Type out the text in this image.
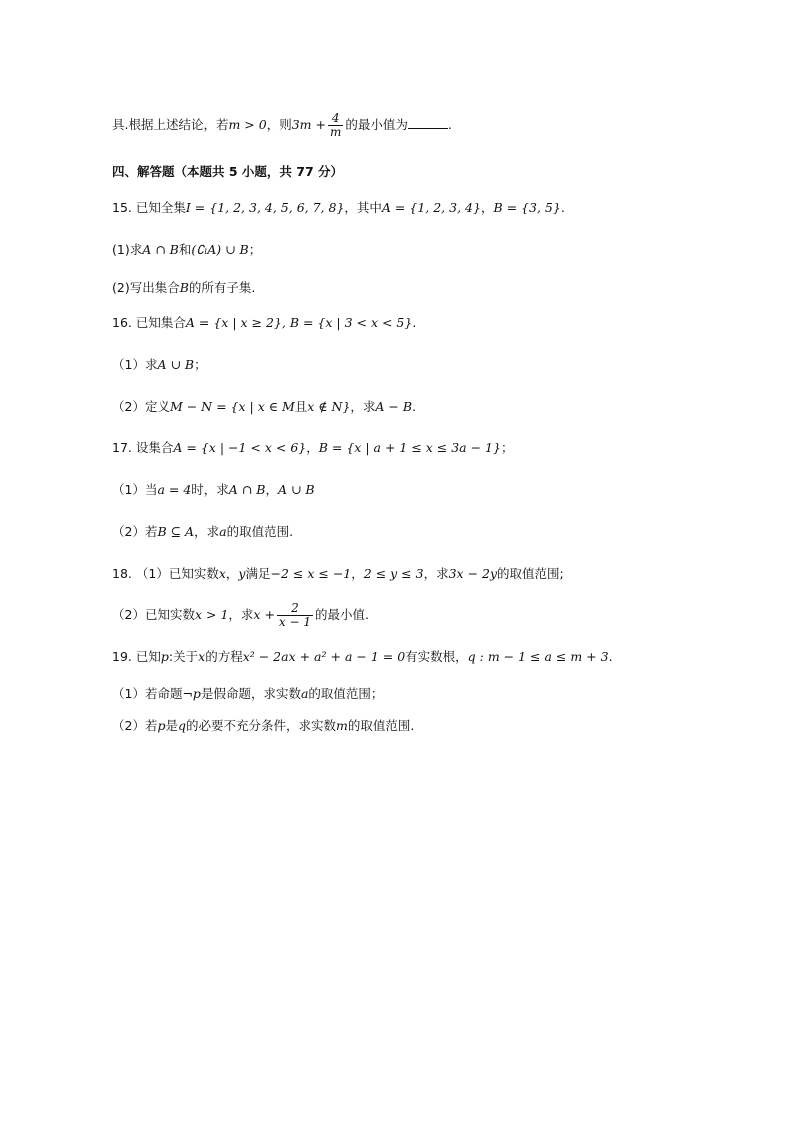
具.根据上述结论，若m > 0，则$3m + \frac{4}{m}$ 的最小值为	.
四、解答题（本题共 5 小题，共 77 分）
15. 已知全集I = {1, 2, 3, 4, 5, 6, 7, 8}，其中A = {1, 2, 3, 4}，B = {3, 5}.
(1)求A ∩ B和(∁ₗA) ∪ B；
(2)写出集合B的所有子集.
16. 已知集合A = {x | x ≥ 2}, B = {x | 3 < x < 5}.
（1）求A ∪ B；
（2）定义M − N = {x | x ∈ M且x ∉ N}，求A − B.
17. 设集合A = {x | −1 < x < 6}，B = {x | a + 1 ≤ x ≤ 3a − 1}；
（1）当a = 4时，求A ∩ B，A ∪ B
（2）若B ⊆ A，求a的取值范围.
18. （1）已知实数x，y满足−2 ≤ x ≤ −1，2 ≤ y ≤ 3，求3x − 2y的取值范围;
（2）已知实数x > 1，求$x + \frac{2}{x - 1}$ 的最小值.
19. 已知p:关于x的方程x² − 2ax + a² + a − 1 = 0有实数根，q : m − 1 ≤ a ≤ m + 3.
（1）若命题¬p是假命题，求实数a的取值范围；
（2）若p是q的必要不充分条件，求实数m的取值范围.
